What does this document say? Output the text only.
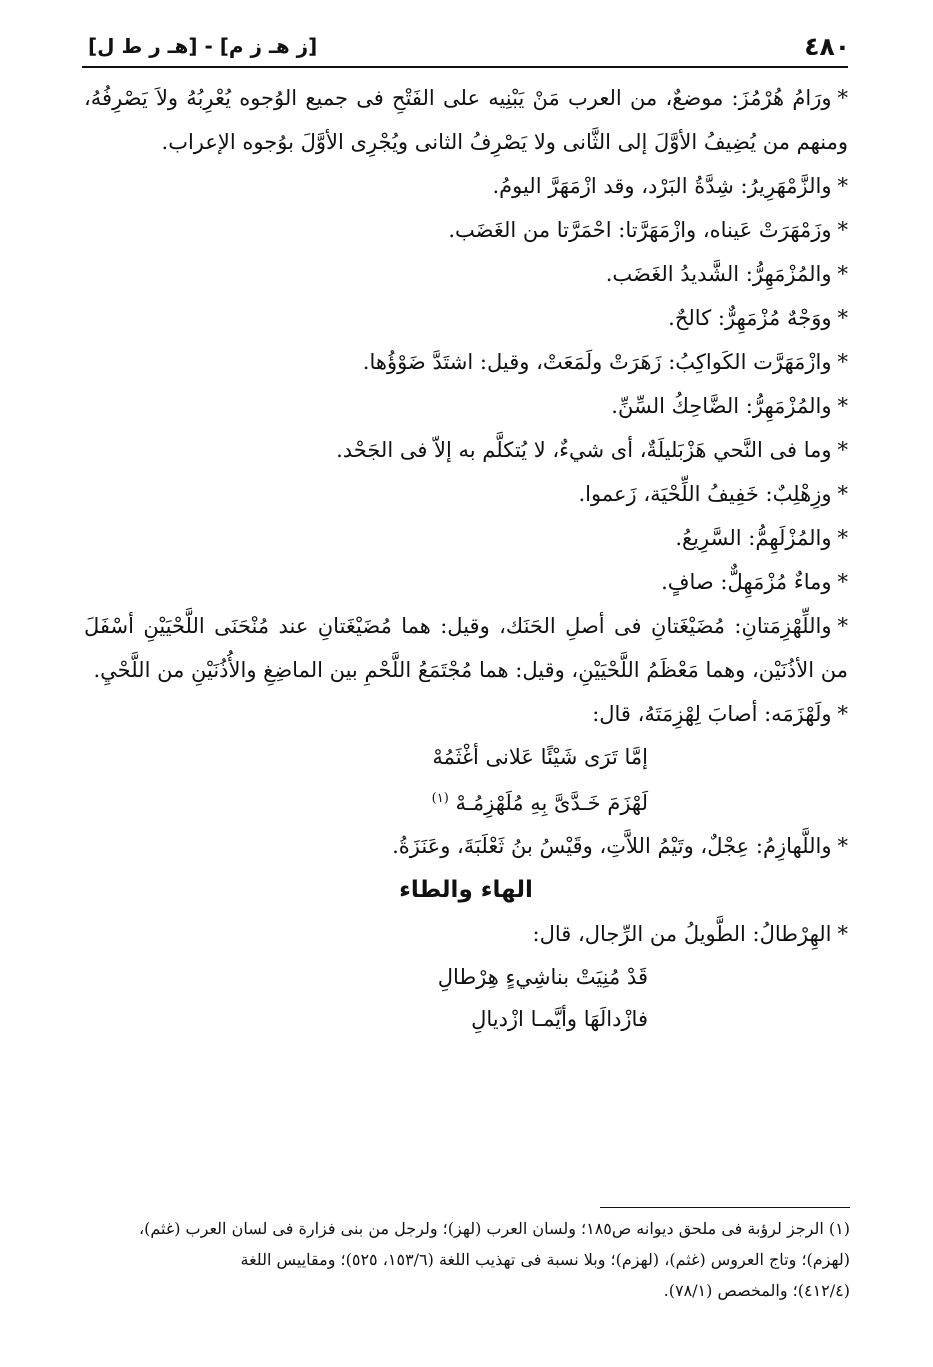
[ز هـ ز م] - [هـ ر ط ل]	٤٨٠

*ورَامُ هُرْمُزَ: موضعٌ، من العرب مَنْ يَبْنِيه على الفَتْحِ فى جميع الوُجوه يُعْرِبُهُ ولاَ يَصْرِفُهُ، ومنهم من يُضِيفُ الأوَّلَ إلى الثَّانى ولا يَصْرِفُ الثانى ويُجْرِى الأوَّلَ بوُجوه الإعراب.

*والزَّمْهَرِيرُ: شِدَّةُ البَرْد، وقد ازْمَهَرَّ اليومُ.

*وزَمْهَرَتْ عَيناه، وازْمَهَرَّتا: احْمَرَّتا من الغَضَب.

*والمُزْمَهِرُّ: الشَّديدُ الغَضَب.

*ووَجْهٌ مُزْمَهِرٌّ: كالحٌ.

*وازْمَهَرَّت الكَواكِبُ: زَهَرَتْ ولَمَعَتْ، وقيل: اشتَدَّ ضَوْؤُها.

*والمُزْمَهِرُّ: الضَّاحِكُ السِّنِّ.

*وما فى النَّحي هَزْبَليلَةٌ، أى شيءٌ، لا يُتكلَّم به إلاّ فى الجَحْد.

*وزِهْلِبٌ: خَفِيفُ اللِّحْيَة، زَعموا.

*والمُزْلَهِمُّ: السَّرِيعُ.

*وماءٌ مُزْمَهِلٌّ: صافٍ.

*واللِّهْزِمَتانِ: مُضَيْغَتانِ فى أصلِ الحَنَك، وقيل: هما مُضَيْغَتانِ عند مُنْحَنَى اللَّحْيَيْنِ أسْفَلَ من الأذُنَيْن، وهما مَعْظَمُ اللَّحْيَيْنِ، وقيل: هما مُجْتَمَعُ اللَّحْمِ بين الماضِغِ والأُذُنَيْنِ من اللَّحْيِ.

*ولَهْزَمَه: أصابَ لِهْزِمَتَهُ، قال:

إمَّا تَرَى شَيْئًا عَلانى أغْثَمُهْ

لَهْزَمَ خَـدَّىَّ بِهِ مُلَهْزِمُـهْ $^{(١)}$

*واللَّهازِمُ: عِجْلٌ، وتَيْمُ اللاَّتِ، وقَيْسُ بنُ ثَعْلَبَةَ، وعَنَزَةُ.

الهاء والطاء

*الهِرْطالُ: الطَّويلُ من الرِّجال، قال:

قَدْ مُنِيَتْ بناشِيءٍ هِرْطالِ

فازْدالَهَا وأيَّمـا ازْديالِ

(١) الرجز لرؤبة فى ملحق ديوانه ص١٨٥؛ ولسان العرب (لهز)؛ ولرجل من بنى فزارة فى لسان العرب (غثم)،

(لهزم)؛ وتاج العروس (غثم)، (لهزم)؛ وبلا نسبة فى تهذيب اللغة (١٥٣/٦، ٥٢٥)؛ ومقاييس اللغة

(٤١٢/٤)؛ والمخصص (٧٨/١).
